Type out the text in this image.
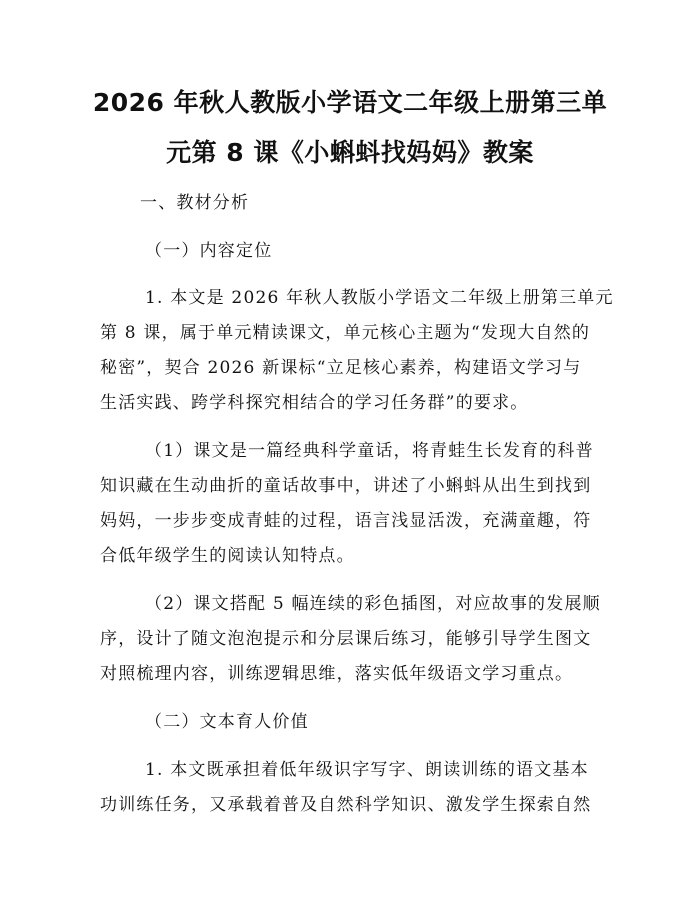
2026 年秋人教版小学语文二年级上册第三单
元第 8 课《小蝌蚪找妈妈》教案
一、教材分析
（一）内容定位
1. 本文是 2026 年秋人教版小学语文二年级上册第三单元
第 8 课，属于单元精读课文，单元核心主题为“发现大自然的
秘密”，契合 2026 新课标“立足核心素养，构建语文学习与
生活实践、跨学科探究相结合的学习任务群”的要求。
（1）课文是一篇经典科学童话，将青蛙生长发育的科普
知识藏在生动曲折的童话故事中，讲述了小蝌蚪从出生到找到
妈妈，一步步变成青蛙的过程，语言浅显活泼，充满童趣，符
合低年级学生的阅读认知特点。
（2）课文搭配 5 幅连续的彩色插图，对应故事的发展顺
序，设计了随文泡泡提示和分层课后练习，能够引导学生图文
对照梳理内容，训练逻辑思维，落实低年级语文学习重点。
（二）文本育人价值
1. 本文既承担着低年级识字写字、朗读训练的语文基本
功训练任务，又承载着普及自然科学知识、激发学生探索自然
